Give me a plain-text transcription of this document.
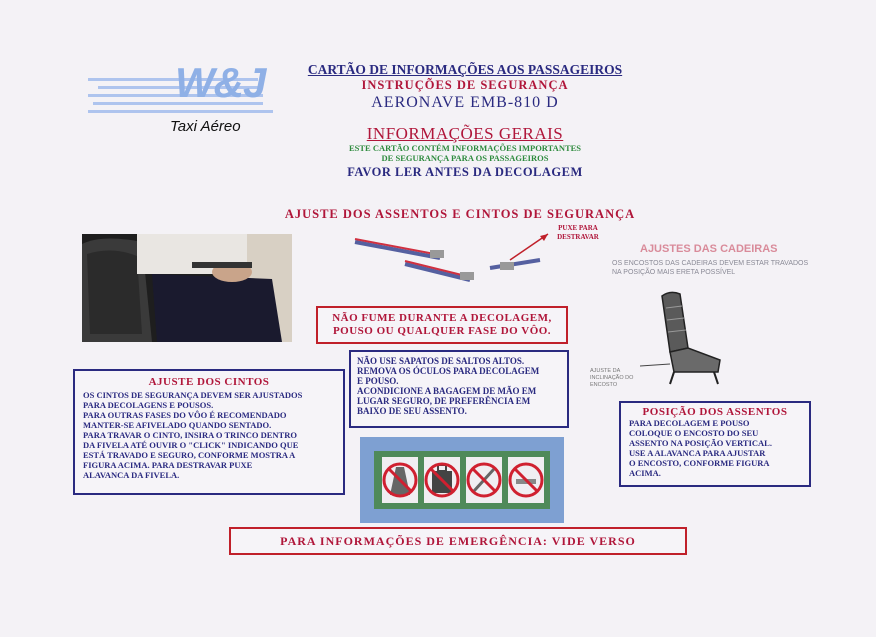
W&J
Taxi Aéreo
CARTÃO DE INFORMAÇÕES AOS PASSAGEIROS
INSTRUÇÕES DE SEGURANÇA
AERONAVE EMB-810 D
INFORMAÇÕES GERAIS
ESTE CARTÃO CONTÉM INFORMAÇÕES IMPORTANTES
DE SEGURANÇA PARA OS PASSAGEIROS
FAVOR LER ANTES DA DECOLAGEM
AJUSTE DOS ASSENTOS E CINTOS DE SEGURANÇA
PUXE PARA
DESTRAVAR
AJUSTES DAS CADEIRAS
OS ENCOSTOS DAS CADEIRAS DEVEM ESTAR TRAVADOS NA POSIÇÃO MAIS ERETA POSSÍVEL
AJUSTE DA INCLINAÇÃO DO ENCOSTO
NÃO FUME DURANTE A DECOLAGEM,
POUSO OU QUALQUER FASE DO VÔO.
NÃO USE SAPATOS DE SALTOS ALTOS.
REMOVA OS ÓCULOS PARA DECOLAGEM
E POUSO.
ACONDICIONE A BAGAGEM DE MÃO EM
LUGAR SEGURO, DE PREFERÊNCIA EM
BAIXO DE SEU ASSENTO.
AJUSTE DOS CINTOS
OS CINTOS DE SEGURANÇA DEVEM SER AJUSTADOS
PARA DECOLAGENS E POUSOS.
PARA OUTRAS FASES DO VÔO É RECOMENDADO
MANTER-SE AFIVELADO QUANDO SENTADO.
PARA TRAVAR O CINTO, INSIRA O TRINCO DENTRO
DA FIVELA ATÉ OUVIR O "CLICK" INDICANDO QUE
ESTÁ TRAVADO E SEGURO, CONFORME MOSTRA A
FIGURA ACIMA. PARA DESTRAVAR PUXE
ALAVANCA DA FIVELA.
POSIÇÃO DOS ASSENTOS
PARA DECOLAGEM E POUSO
COLOQUE O ENCOSTO DO SEU
ASSENTO NA POSIÇÃO VERTICAL.
USE A ALAVANCA PARA AJUSTAR
O ENCOSTO, CONFORME FIGURA
ACIMA.
PARA INFORMAÇÕES DE EMERGÊNCIA: VIDE VERSO
